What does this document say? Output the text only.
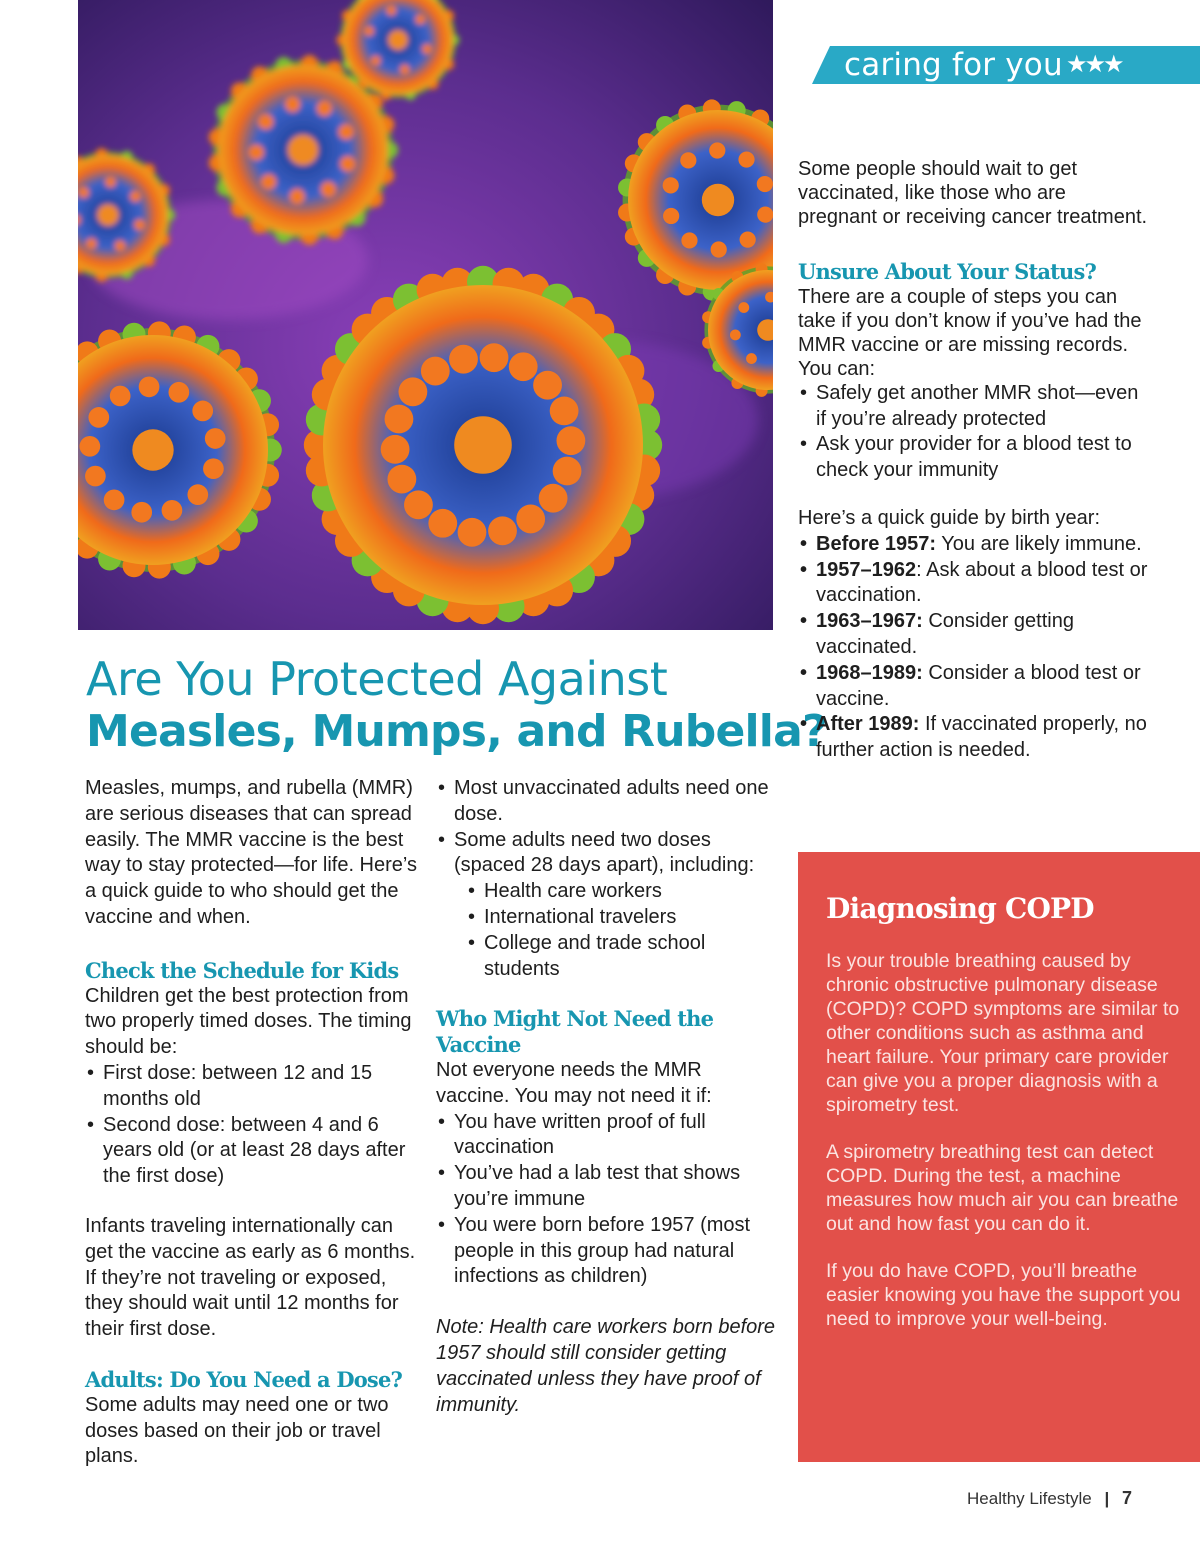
caring for you ★★★
Are You Protected Against
Measles, Mumps, and Rubella?

Measles, mumps, and rubella (MMR) are serious diseases that can spread easily. The MMR vaccine is the best way to stay protected—for life. Here’s a quick guide to who should get the vaccine and when.

Check the Schedule for Kids

Children get the best protection from two properly timed doses. The timing should be:

• First dose: between 12 and 15 months old
• Second dose: between 4 and 6 years old (or at least 28 days after the first dose)

Infants traveling internationally can get the vaccine as early as 6 months. If they’re not traveling or exposed, they should wait until 12 months for their first dose.

Adults: Do You Need a Dose?

Some adults may need one or two doses based on their job or travel plans.

• Most unvaccinated adults need one dose.
• Some adults need two doses (spaced 28 days apart), including:
• Health care workers
• International travelers
• College and trade school students
Who Might Not Need the Vaccine

Not everyone needs the MMR vaccine. You may not need it if:

• You have written proof of full vaccination
• You’ve had a lab test that shows you’re immune
• You were born before 1957 (most people in this group had natural infections as children)

Note: Health care workers born before 1957 should still consider getting vaccinated unless they have proof of immunity.

Some people should wait to get vaccinated, like those who are pregnant or receiving cancer treatment.

Unsure About Your Status?

There are a couple of steps you can take if you don’t know if you’ve had the MMR vaccine or are missing records. You can:

• Safely get another MMR shot—even if you’re already protected
• Ask your provider for a blood test to check your immunity

Here’s a quick guide by birth year:

• Before 1957: You are likely immune.
• 1957–1962: Ask about a blood test or vaccination.
• 1963–1967: Consider getting vaccinated.
• 1968–1989: Consider a blood test or vaccine.
• After 1989: If vaccinated properly, no further action is needed.
Diagnosing COPD

Is your trouble breathing caused by chronic obstructive pulmonary disease (COPD)? COPD symptoms are similar to other conditions such as asthma and heart failure. Your primary care provider can give you a proper diagnosis with a spirometry test.

A spirometry breathing test can detect COPD. During the test, a machine measures how much air you can breathe out and how fast you can do it.

If you do have COPD, you’ll breathe easier knowing you have the support you need to improve your well-being.

Healthy Lifestyle | 7
